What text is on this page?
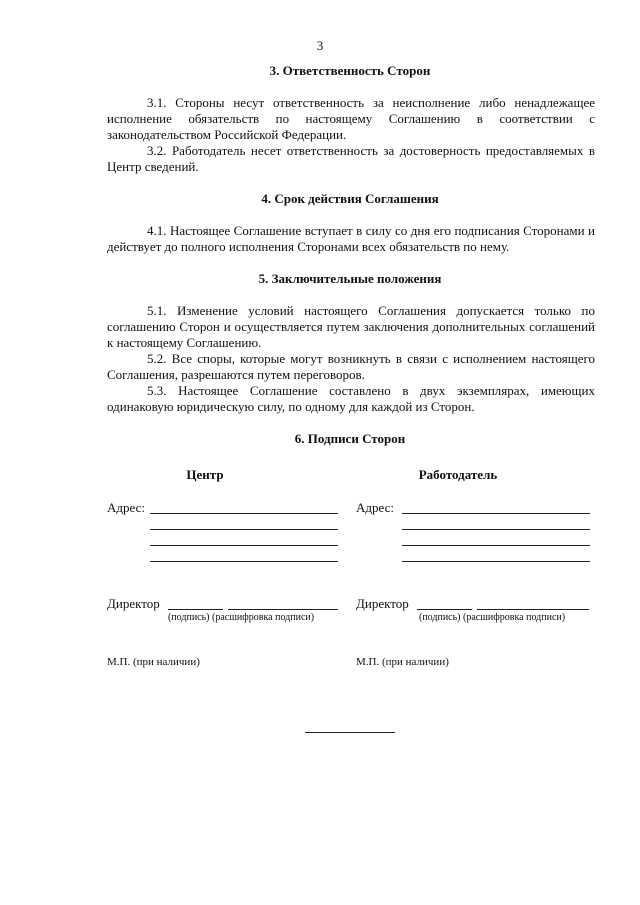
3
3. Ответственность Сторон

3.1. Стороны несут ответственность за неисполнение либо ненадлежащее исполнение обязательств по настоящему Соглашению в соответствии с законодательством Российской Федерации.

3.2. Работодатель несет ответственность за достоверность предоставляемых в Центр сведений.

4. Срок действия Соглашения

4.1. Настоящее Соглашение вступает в силу со дня его подписания Сторонами и действует до полного исполнения Сторонами всех обязательств по нему.

5. Заключительные положения

5.1. Изменение условий настоящего Соглашения допускается только по соглашению Сторон и осуществляется путем заключения дополнительных соглашений к настоящему Соглашению.

5.2. Все споры, которые могут возникнуть в связи с исполнением настоящего Соглашения, разрешаются путем переговоров.

5.3. Настоящее Соглашение составлено в двух экземплярах, имеющих одинаковую юридическую силу, по одному для каждой из Сторон.

6. Подписи Сторон
Центр
Адрес:
Директор
(подпись) (расшифровка подписи)
М.П. (при наличии)
Работодатель
Адрес:
Директор
(подпись) (расшифровка подписи)
М.П. (при наличии)
